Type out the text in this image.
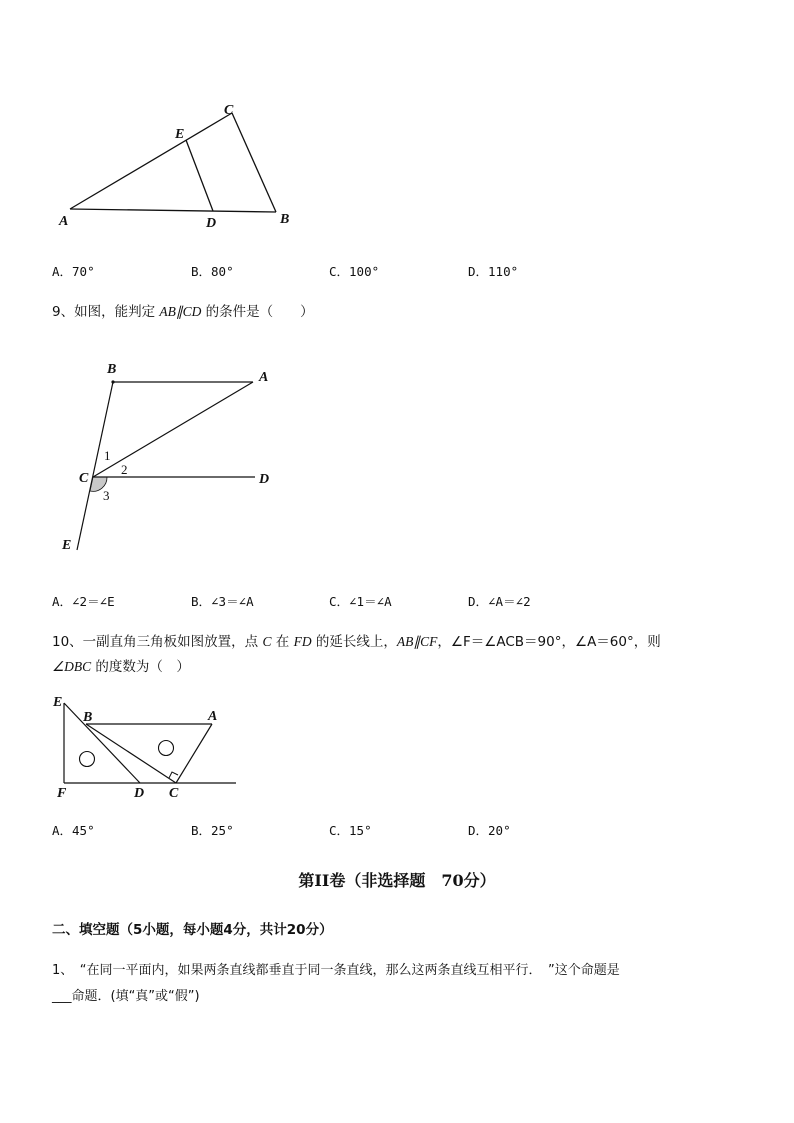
A	B
C
D
E
A．70°	B．80°	C．100°	D．110°
9、如图，能判定 AB∥CD 的条件是（　　）
B
A
C	D
E
1
2
3
A．∠2＝∠E	B．∠3＝∠A	C．∠1＝∠A	D．∠A＝∠2
10、一副直角三角板如图放置，点 C 在 FD 的延长线上，AB∥CF，∠F＝∠ACB＝90°，∠A＝60°，则
∠DBC 的度数为（　）
E
B	A
F	D C
A．45°	B．25°	C．15°	D．20°
第II卷（非选择题　70分）
二、填空题（5小题，每小题4分，共计20分）
1、　“在同一平面内，如果两条直线都垂直于同一条直线，那么这两条直线互相平行．　”这个命题是
___命题．(填“真”或“假”)
